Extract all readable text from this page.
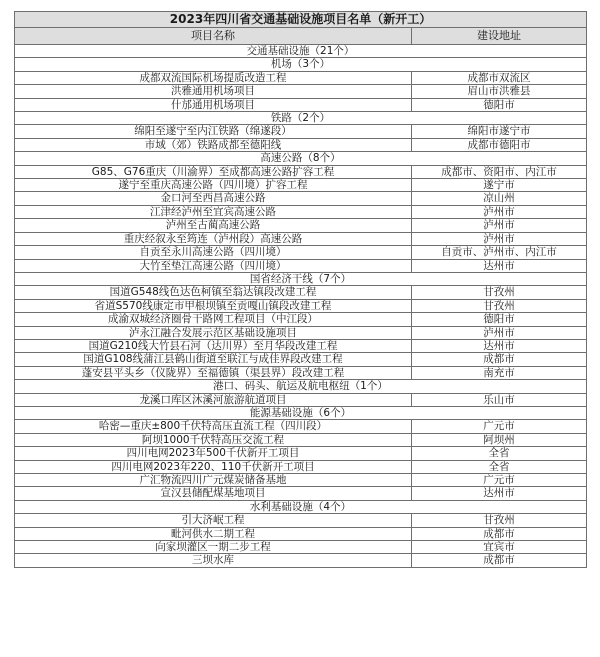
2023年四川省交通基础设施项目名单（新开工）	
项目名称	建设地址
交通基础设施（21个）	
机场（3个）	
成都双流国际机场提质改造工程	成都市双流区
洪雅通用机场项目	眉山市洪雅县
什邡通用机场项目	德阳市
铁路（2个）	
绵阳至遂宁至内江铁路（绵遂段）	绵阳市遂宁市
市域（郊）铁路成都至德阳线	成都市德阳市
高速公路（8个）	
G85、G76重庆（川渝界）至成都高速公路扩容工程	成都市、资阳市、内江市
遂宁至重庆高速公路（四川境）扩容工程	遂宁市
金口河至西昌高速公路	凉山州
江津经泸州至宜宾高速公路	泸州市
泸州至古蔺高速公路	泸州市
重庆经叙永至筠连（泸州段）高速公路	泸州市
自贡至永川高速公路（四川境）	自贡市、泸州市、内江市
大竹至垫江高速公路（四川境）	达州市
国省经济干线（7个）	
国道G548线色达色柯镇至翁达镇段改建工程	甘孜州
省道S570线康定市甲根坝镇至贡嘎山镇段改建工程	甘孜州
成渝双城经济圈骨干路网工程项目（中江段）	德阳市
泸永江融合发展示范区基础设施项目	泸州市
国道G210线大竹县石河（达川界）至月华段改建工程	达州市
国道G108线蒲江县鹤山街道至联江与成佳界段改建工程	成都市
蓬安县平头乡（仪陇界）至福德镇（渠县界）段改建工程	南充市
港口、码头、航运及航电枢纽（1个）	
龙溪口库区沐溪河旅游航道项目	乐山市
能源基础设施（6个）	
哈密—重庆±800千伏特高压直流工程（四川段）	广元市
阿坝1000千伏特高压交流工程	阿坝州
四川电网2023年500千伏新开工项目	全省
四川电网2023年220、110千伏新开工项目	全省
广汇物流四川广元煤炭储备基地	广元市
宣汉县储配煤基地项目	达州市
水利基础设施（4个）	
引大济岷工程	甘孜州
毗河供水二期工程	成都市
向家坝灌区一期二步工程	宜宾市
三坝水库	成都市
